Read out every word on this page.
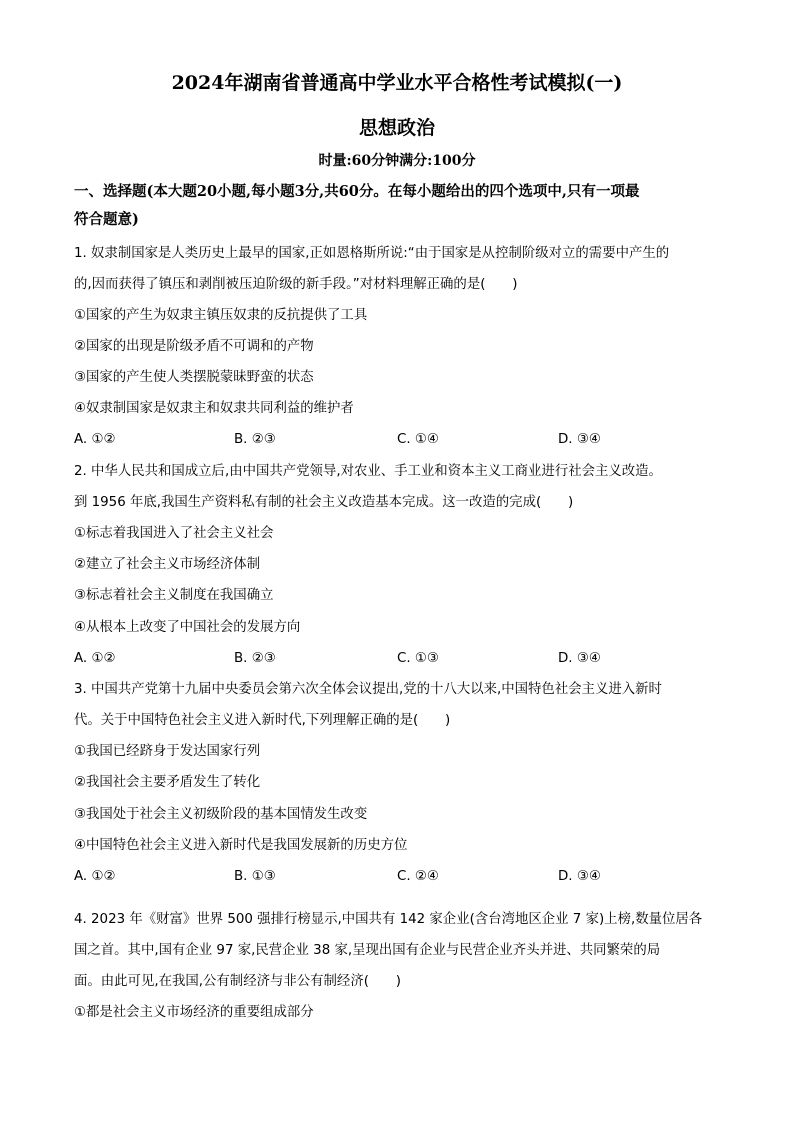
2024年湖南省普通高中学业水平合格性考试模拟(一)
思想政治
时量:60分钟满分:100分
一、选择题(本大题20小题,每小题3分,共60分。在每小题给出的四个选项中,只有一项最
符合题意)
1. 奴隶制国家是人类历史上最早的国家,正如恩格斯所说:“由于国家是从控制阶级对立的需要中产生的
的,因而获得了镇压和剥削被压迫阶级的新手段。”对材料理解正确的是(　　)
①国家的产生为奴隶主镇压奴隶的反抗提供了工具
②国家的出现是阶级矛盾不可调和的产物
③国家的产生使人类摆脱蒙昧野蛮的状态
④奴隶制国家是奴隶主和奴隶共同利益的维护者
A. ①②	B. ②③	C. ①④	D. ③④
2. 中华人民共和国成立后,由中国共产党领导,对农业、手工业和资本主义工商业进行社会主义改造。
到 1956 年底,我国生产资料私有制的社会主义改造基本完成。这一改造的完成(　　)
①标志着我国进入了社会主义社会
②建立了社会主义市场经济体制
③标志着社会主义制度在我国确立
④从根本上改变了中国社会的发展方向
A. ①②	B. ②③	C. ①③	D. ③④
3. 中国共产党第十九届中央委员会第六次全体会议提出,党的十八大以来,中国特色社会主义进入新时
代。关于中国特色社会主义进入新时代,下列理解正确的是(　　)
①我国已经跻身于发达国家行列
②我国社会主要矛盾发生了转化
③我国处于社会主义初级阶段的基本国情发生改变
④中国特色社会主义进入新时代是我国发展新的历史方位
A. ①②	B. ①③	C. ②④	D. ③④
4. 2023 年《财富》世界 500 强排行榜显示,中国共有 142 家企业(含台湾地区企业 7 家)上榜,数量位居各
国之首。其中,国有企业 97 家,民营企业 38 家,呈现出国有企业与民营企业齐头并进、共同繁荣的局
面。由此可见,在我国,公有制经济与非公有制经济(　　)
①都是社会主义市场经济的重要组成部分
